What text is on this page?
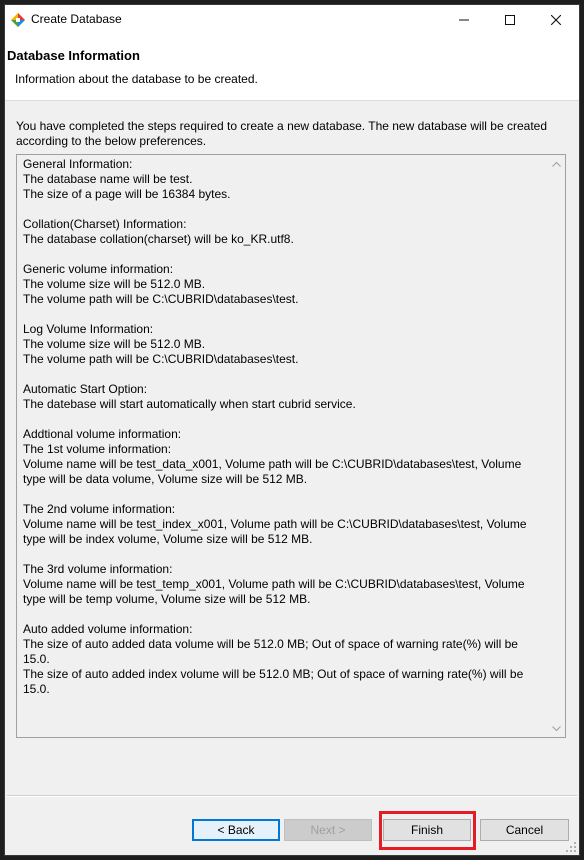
Create Database
Database Information
Information about the database to be created.
You have completed the steps required to create a new database. The new database will be created according to the below preferences.
General Information:
The database name will be test.
The size of a page will be 16384 bytes.

Collation(Charset) Information:
The database collation(charset) will be ko_KR.utf8.

Generic volume information:
The volume size will be 512.0 MB.
The volume path will be C:\CUBRID\databases\test.

Log Volume Information:
The volume size will be 512.0 MB.
The volume path will be C:\CUBRID\databases\test.

Automatic Start Option:
The datebase will start automatically when start cubrid service.

Addtional volume information:
The 1st volume information:
Volume name will be test_data_x001, Volume path will be C:\CUBRID\databases\test, Volume type will be data volume, Volume size will be 512 MB.

The 2nd volume information:
Volume name will be test_index_x001, Volume path will be C:\CUBRID\databases\test, Volume type will be index volume, Volume size will be 512 MB.

The 3rd volume information:
Volume name will be test_temp_x001, Volume path will be C:\CUBRID\databases\test, Volume type will be temp volume, Volume size will be 512 MB.

Auto added volume information:
The size of auto added data volume will be 512.0 MB; Out of space of warning rate(%) will be 15.0.
The size of auto added index volume will be 512.0 MB; Out of space of warning rate(%) will be 15.0.
< Back	Next >	Finish	Cancel
